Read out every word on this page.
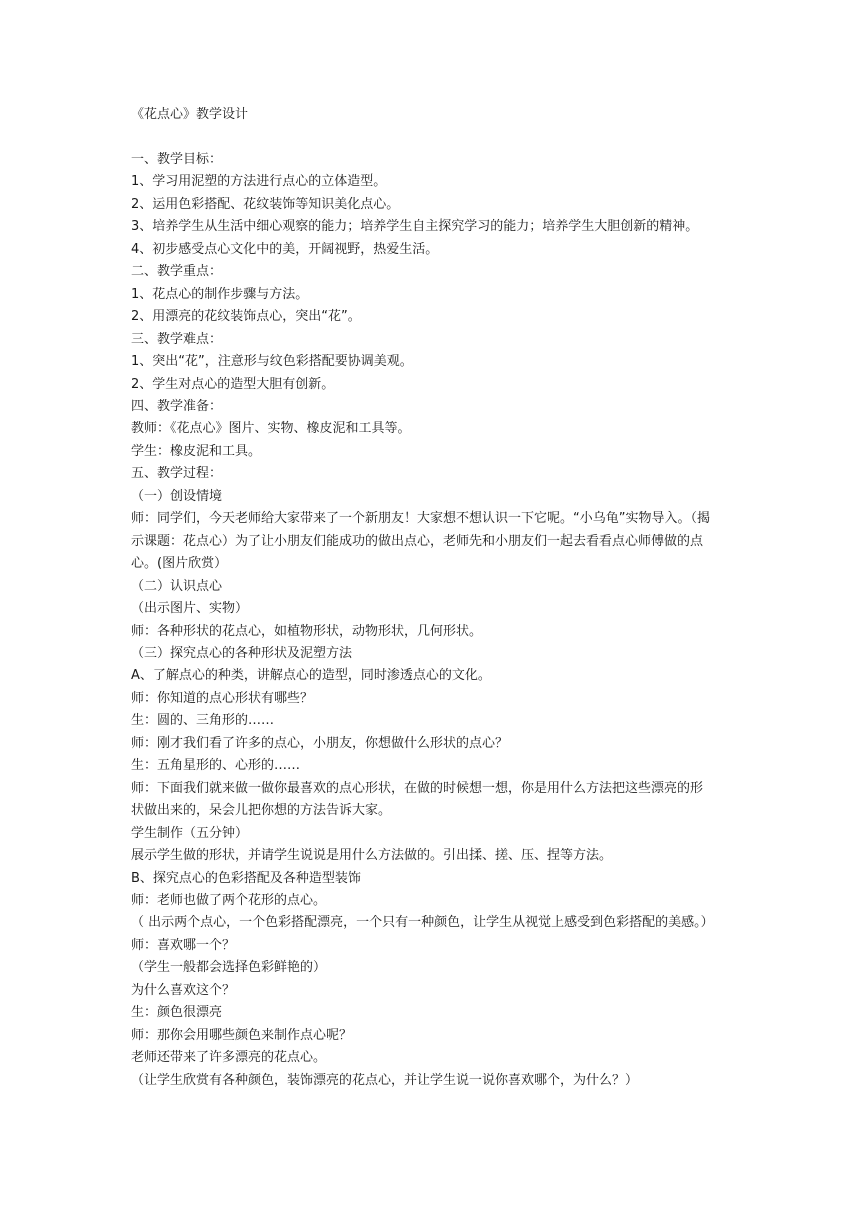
《花点心》教学设计
一、教学目标：
1、学习用泥塑的方法进行点心的立体造型。
2、运用色彩搭配、花纹装饰等知识美化点心。
3、培养学生从生活中细心观察的能力；培养学生自主探究学习的能力；培养学生大胆创新的精神。
4、初步感受点心文化中的美，开阔视野，热爱生活。
二、教学重点：
1、花点心的制作步骤与方法。
2、用漂亮的花纹装饰点心，突出“花”。
三、教学难点：
1、突出“花”，注意形与纹色彩搭配要协调美观。
2、学生对点心的造型大胆有创新。
四、教学准备：
教师：《花点心》图片、实物、橡皮泥和工具等。
学生：橡皮泥和工具。
五、教学过程：
（一）创设情境
师：同学们，今天老师给大家带来了一个新朋友！大家想不想认识一下它呢。“小乌龟”实物导入。（揭
示课题：花点心）为了让小朋友们能成功的做出点心，老师先和小朋友们一起去看看点心师傅做的点
心。(图片欣赏）
（二）认识点心
（出示图片、实物）
师：各种形状的花点心，如植物形状，动物形状，几何形状。
（三）探究点心的各种形状及泥塑方法
A、了解点心的种类，讲解点心的造型，同时渗透点心的文化。
师：你知道的点心形状有哪些？
生：圆的、三角形的……
师：刚才我们看了许多的点心，小朋友，你想做什么形状的点心？
生：五角星形的、心形的……
师：下面我们就来做一做你最喜欢的点心形状，在做的时候想一想，你是用什么方法把这些漂亮的形
状做出来的，呆会儿把你想的方法告诉大家。
学生制作（五分钟）
展示学生做的形状，并请学生说说是用什么方法做的。引出揉、搓、压、捏等方法。
B、探究点心的色彩搭配及各种造型装饰
师：老师也做了两个花形的点心。
（ 出示两个点心，一个色彩搭配漂亮，一个只有一种颜色，让学生从视觉上感受到色彩搭配的美感。）
师：喜欢哪一个？
（学生一般都会选择色彩鲜艳的）
为什么喜欢这个？
生：颜色很漂亮
师：那你会用哪些颜色来制作点心呢？
老师还带来了许多漂亮的花点心。
（让学生欣赏有各种颜色，装饰漂亮的花点心，并让学生说一说你喜欢哪个，为什么？）
